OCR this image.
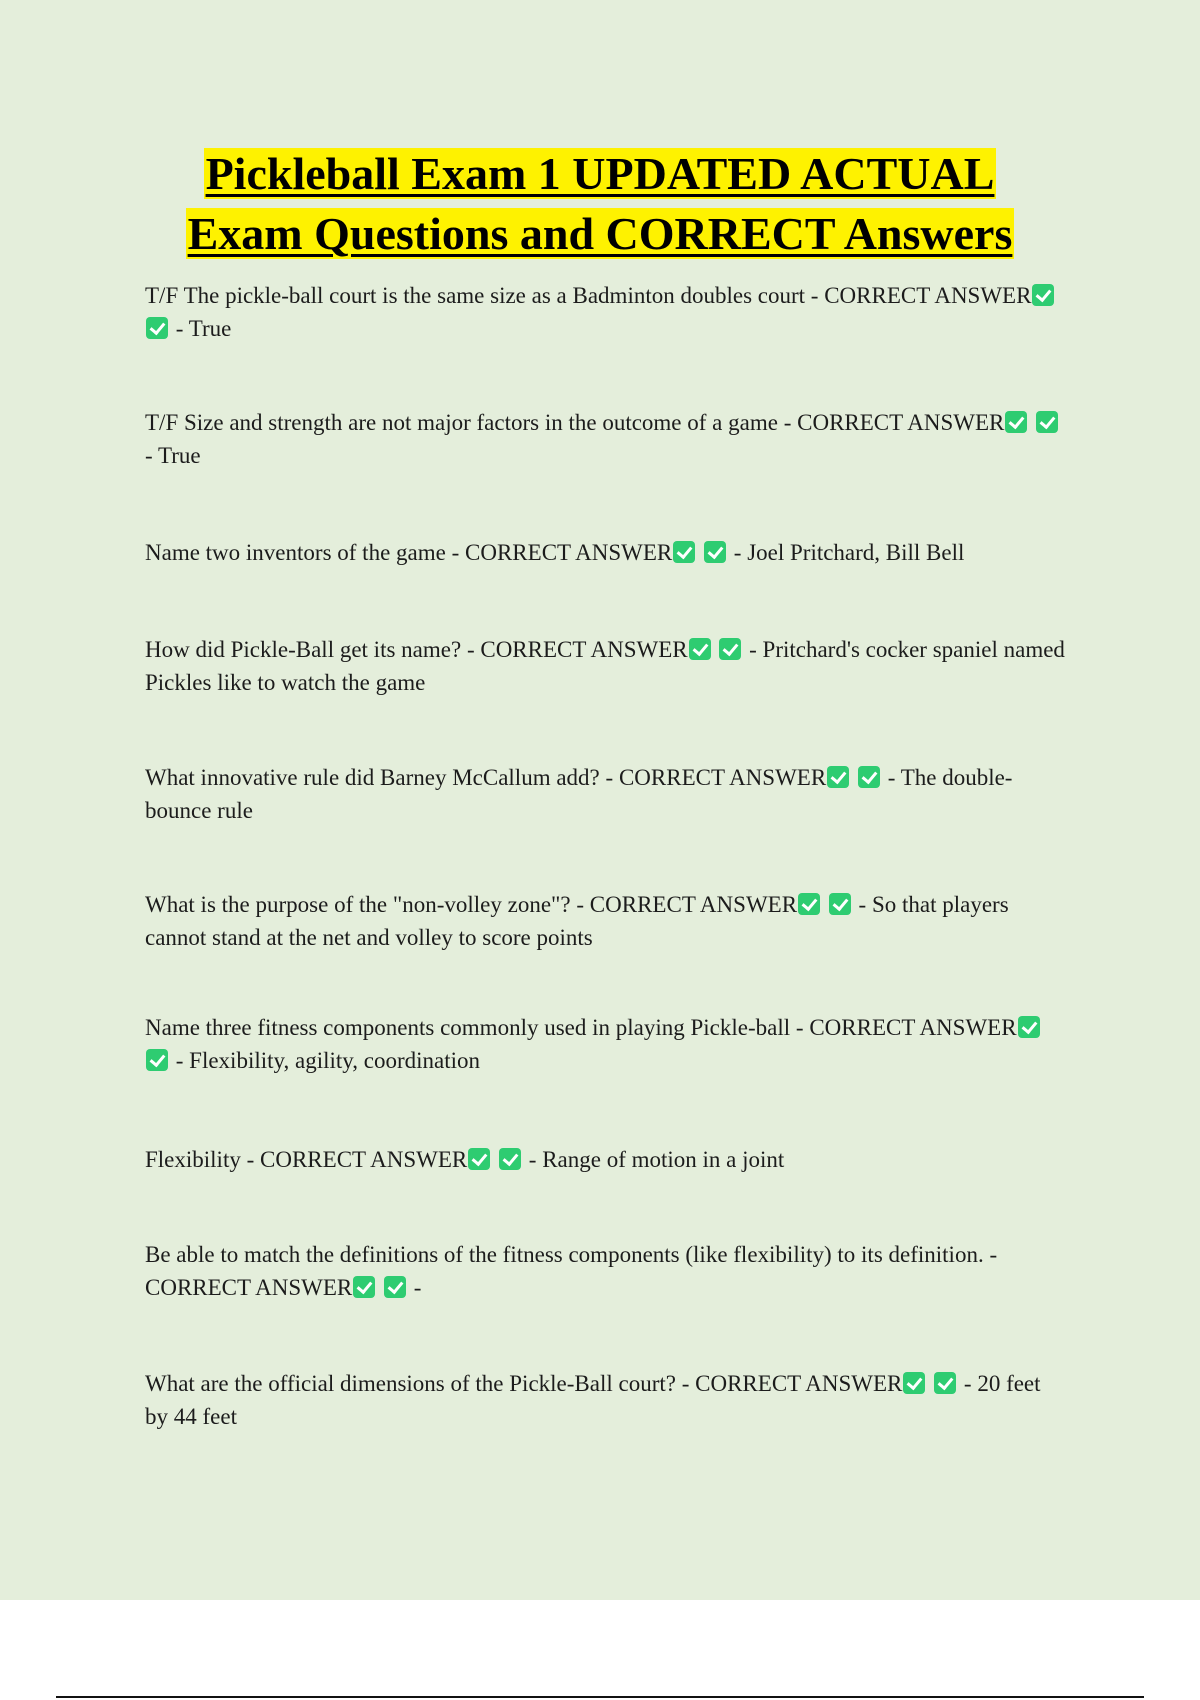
Pickleball Exam 1 UPDATED ACTUAL
Exam Questions and CORRECT Answers

T/F The pickle-ball court is the same size as a Badminton doubles court - CORRECT ANSWER  - True

T/F Size and strength are not major factors in the outcome of a game - CORRECT ANSWER  - True

Name two inventors of the game - CORRECT ANSWER  - Joel Pritchard, Bill Bell

How did Pickle-Ball get its name? - CORRECT ANSWER  - Pritchard's cocker spaniel named Pickles like to watch the game

What innovative rule did Barney McCallum add? - CORRECT ANSWER  - The double-bounce rule

What is the purpose of the "non-volley zone"? - CORRECT ANSWER  - So that players cannot stand at the net and volley to score points

Name three fitness components commonly used in playing Pickle-ball - CORRECT ANSWER  - Flexibility, agility, coordination

Flexibility - CORRECT ANSWER  - Range of motion in a joint

Be able to match the definitions of the fitness components (like flexibility) to its definition. - CORRECT ANSWER  -

What are the official dimensions of the Pickle-Ball court? - CORRECT ANSWER  - 20 feet by 44 feet
